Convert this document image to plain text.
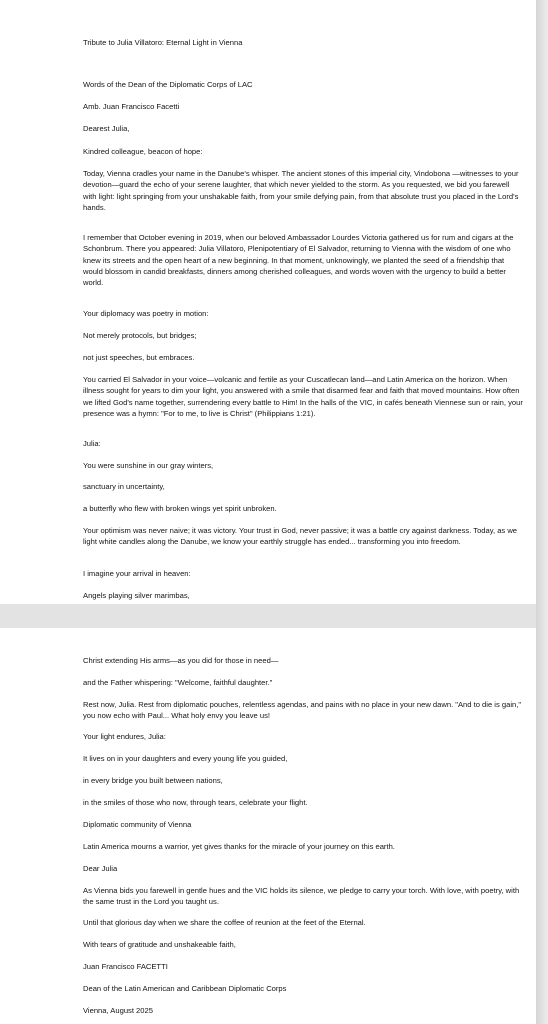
Tribute to Julia Villatoro: Eternal Light in Vienna

Words of the Dean of the Diplomatic Corps of LAC

Amb. Juan Francisco Facetti

Dearest Julia,

Kindred colleague, beacon of hope:

Today, Vienna cradles your name in the Danube's whisper. The ancient stones of this imperial city, Vindobona —witnesses to your devotion—guard the echo of your serene laughter, that which never yielded to the storm. As you requested, we bid you farewell with light: light springing from your unshakable faith, from your smile defying pain, from that absolute trust you placed in the Lord's hands.

I remember that October evening in 2019, when our beloved Ambassador Lourdes Victoria gathered us for rum and cigars at the Schonbrum. There you appeared: Julia Villatoro, Plenipotentiary of El Salvador, returning to Vienna with the wisdom of one who knew its streets and the open heart of a new beginning. In that moment, unknowingly, we planted the seed of a friendship that would blossom in candid breakfasts, dinners among cherished colleagues, and words woven with the urgency to build a better world.

Your diplomacy was poetry in motion:

Not merely protocols, but bridges;

not just speeches, but embraces.

You carried El Salvador in your voice—volcanic and fertile as your Cuscatlecan land—and Latin America on the horizon. When illness sought for years to dim your light, you answered with a smile that disarmed fear and faith that moved mountains. How often we lifted God's name together, surrendering every battle to Him! In the halls of the VIC, in cafés beneath Viennese sun or rain, your presence was a hymn: "For to me, to live is Christ" (Philippians 1:21).

Julia:

You were sunshine in our gray winters,

sanctuary in uncertainty,

a butterfly who flew with broken wings yet spirit unbroken.

Your optimism was never naive; it was victory. Your trust in God, never passive; it was a battle cry against darkness. Today, as we light white candles along the Danube, we know your earthly struggle has ended... transforming you into freedom.

I imagine your arrival in heaven:

Angels playing silver marimbas,

Christ extending His arms—as you did for those in need—

and the Father whispering: "Welcome, faithful daughter."

Rest now, Julia. Rest from diplomatic pouches, relentless agendas, and pains with no place in your new dawn. "And to die is gain," you now echo with Paul... What holy envy you leave us!

Your light endures, Julia:

It lives on in your daughters and every young life you guided,

in every bridge you built between nations,

in the smiles of those who now, through tears, celebrate your flight.

Diplomatic community of Vienna

Latin America mourns a warrior, yet gives thanks for the miracle of your journey on this earth.

Dear Julia

As Vienna bids you farewell in gentle hues and the VIC holds its silence, we pledge to carry your torch. With love, with poetry, with the same trust in the Lord you taught us.

Until that glorious day when we share the coffee of reunion at the feet of the Eternal.

With tears of gratitude and unshakeable faith,

Juan Francisco FACETTI

Dean of the Latin American and Caribbean Diplomatic Corps

Vienna, August 2025
